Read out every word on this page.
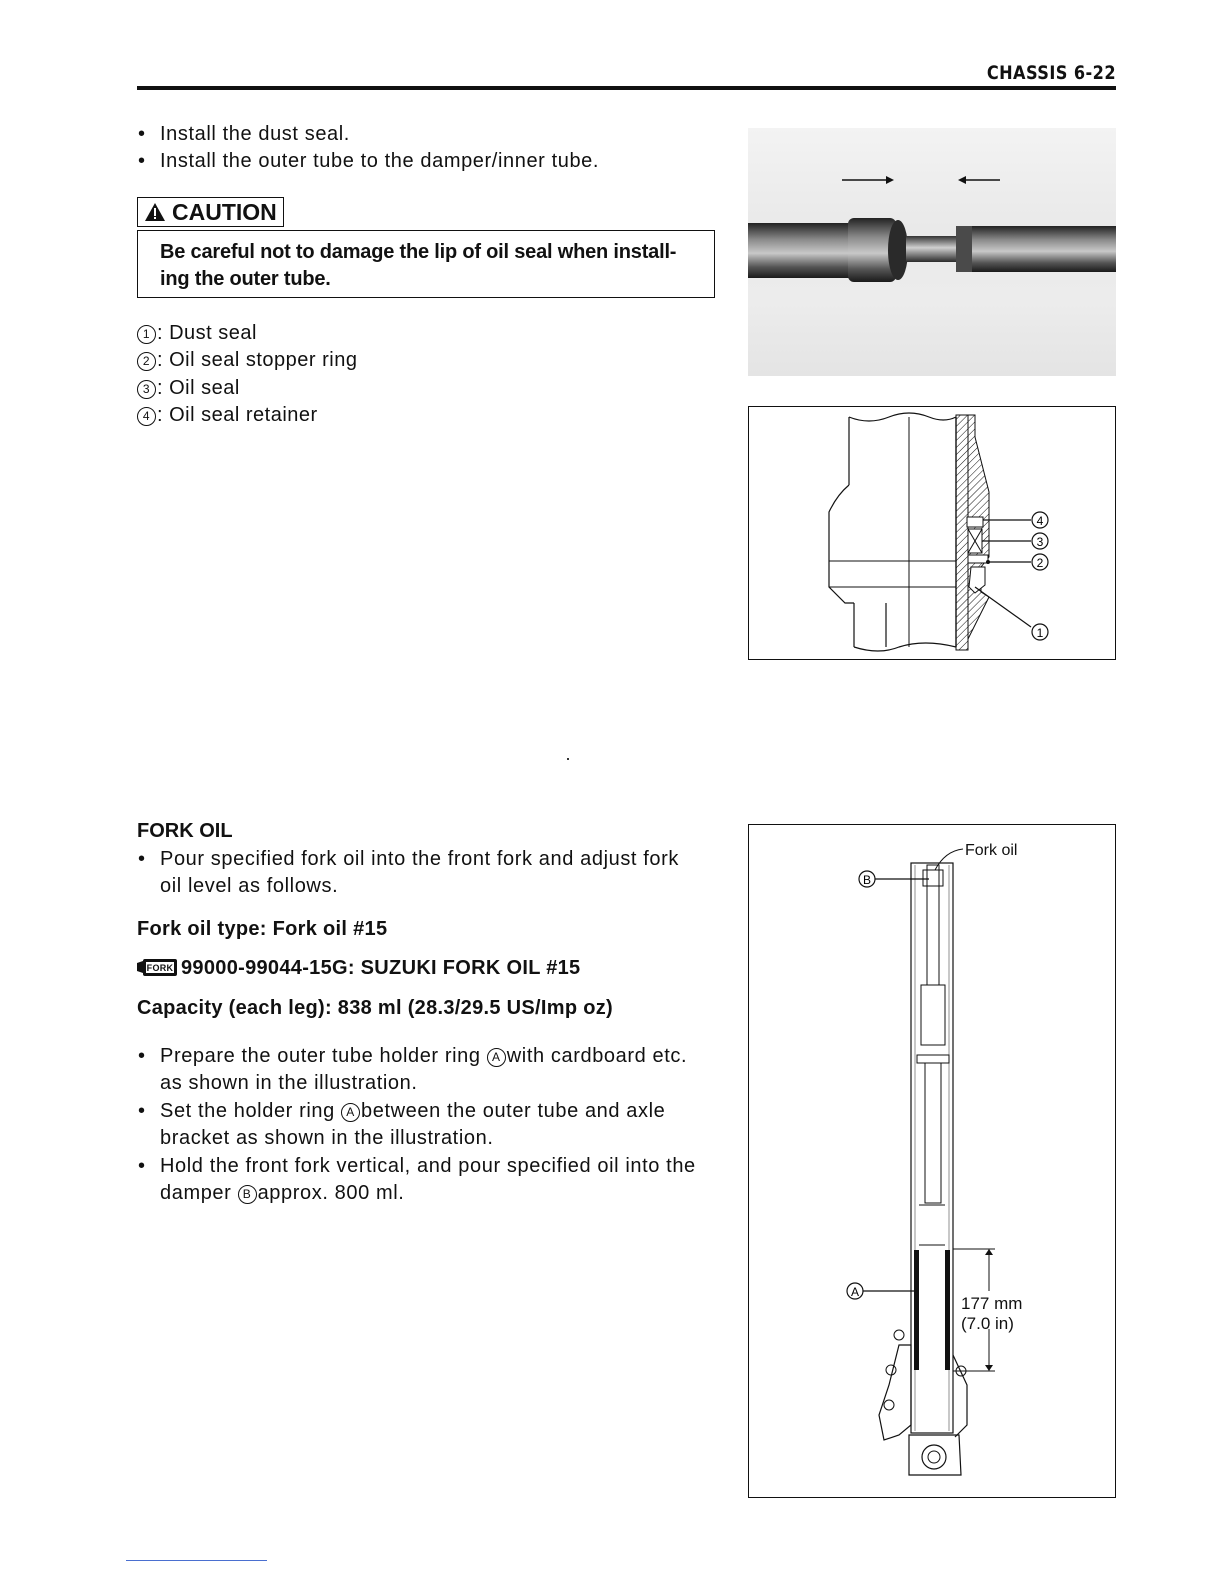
CHASSIS 6-22
• Install the dust seal.
• Install the outer tube to the damper/inner tube.
CAUTION
Be careful not to damage the lip of oil seal when install-
ing the outer tube.
1 : Dust seal
2 : Oil seal stopper ring
3 : Oil seal
4 : Oil seal retainer
4
3
2
1
FORK OIL
• Pour specified fork oil into the front fork and adjust fork
oil level as follows.
Fork oil type: Fork oil #15
FORK 99000-99044-15G: SUZUKI FORK OIL #15
Capacity (each leg): 838 ml (28.3/29.5 US/Imp oz)
• Prepare the outer tube holder ring A with cardboard etc.
as shown in the illustration.
• Set the holder ring A between the outer tube and axle
bracket as shown in the illustration.
• Hold the front fork vertical, and pour specified oil into the
damper B approx. 800 ml.
Fork oil
B
A
177 mm
(7.0 in)
